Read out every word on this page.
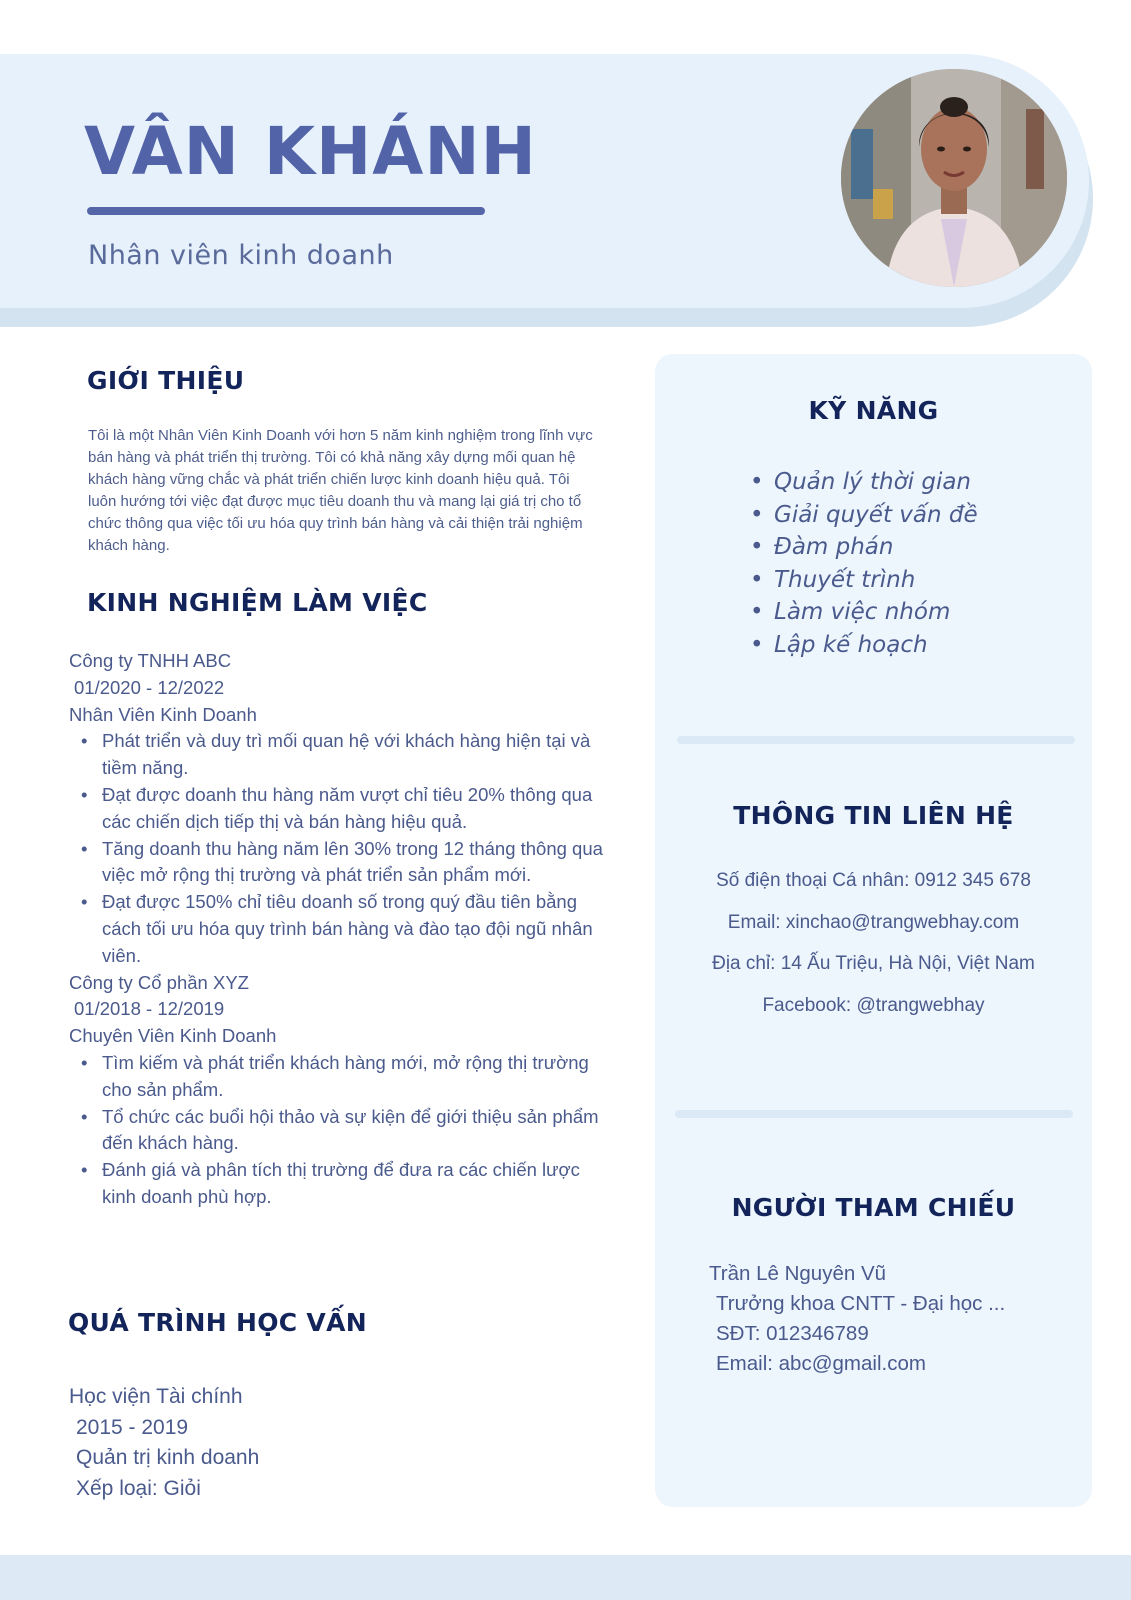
VÂN KHÁNH
Nhân viên kinh doanh
GIỚI THIỆU

Tôi là một Nhân Viên Kinh Doanh với hơn 5 năm kinh nghiệm trong lĩnh vực bán hàng và phát triển thị trường. Tôi có khả năng xây dựng mối quan hệ khách hàng vững chắc và phát triển chiến lược kinh doanh hiệu quả. Tôi luôn hướng tới việc đạt được mục tiêu doanh thu và mang lại giá trị cho tổ chức thông qua việc tối ưu hóa quy trình bán hàng và cải thiện trải nghiệm khách hàng.

KINH NGHIỆM LÀM VIỆC
Công ty TNHH ABC
01/2020 - 12/2022
Nhân Viên Kinh Doanh
• Phát triển và duy trì mối quan hệ với khách hàng hiện tại và tiềm năng.
• Đạt được doanh thu hàng năm vượt chỉ tiêu 20% thông qua các chiến dịch tiếp thị và bán hàng hiệu quả.
• Tăng doanh thu hàng năm lên 30% trong 12 tháng thông qua việc mở rộng thị trường và phát triển sản phẩm mới.
• Đạt được 150% chỉ tiêu doanh số trong quý đầu tiên bằng cách tối ưu hóa quy trình bán hàng và đào tạo đội ngũ nhân viên.
Công ty Cổ phần XYZ
01/2018 - 12/2019
Chuyên Viên Kinh Doanh
• Tìm kiếm và phát triển khách hàng mới, mở rộng thị trường cho sản phẩm.
• Tổ chức các buổi hội thảo và sự kiện để giới thiệu sản phẩm đến khách hàng.
• Đánh giá và phân tích thị trường để đưa ra các chiến lược kinh doanh phù hợp.
QUÁ TRÌNH HỌC VẤN
Học viện Tài chính
2015 - 2019
Quản trị kinh doanh
Xếp loại: Giỏi
KỸ NĂNG
• Quản lý thời gian
• Giải quyết vấn đề
• Đàm phán
• Thuyết trình
• Làm việc nhóm
• Lập kế hoạch
THÔNG TIN LIÊN HỆ
Số điện thoại Cá nhân: 0912 345 678
Email: xinchao@trangwebhay.com
Địa chỉ: 14 Ấu Triệu, Hà Nội, Việt Nam
Facebook: @trangwebhay
NGƯỜI THAM CHIẾU
Trần Lê Nguyên Vũ
Trưởng khoa CNTT - Đại học ...
SĐT: 012346789
Email: abc@gmail.com
